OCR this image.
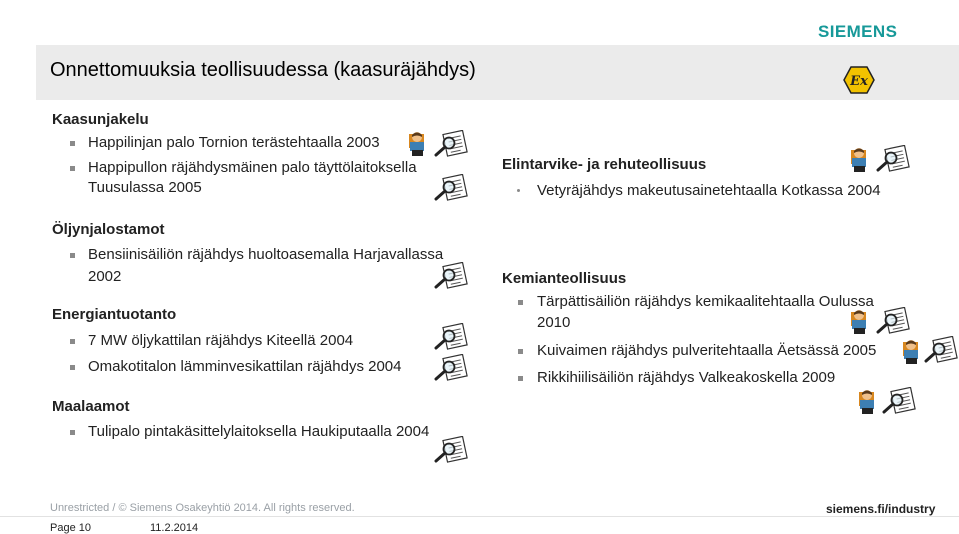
SIEMENS
Onnettomuuksia teollisuudessa (kaasuräjähdys)
Ex
Kaasunjakelu
Happilinjan palo Tornion terästehtaalla 2003
Happipullon räjähdysmäinen palo täyttölaitoksella
Tuusulassa 2005
Öljynjalostamot
Bensiinisäiliön räjähdys huoltoasemalla Harjavallassa
2002
Energiantuotanto
7 MW öljykattilan räjähdys Kiteellä 2004
Omakotitalon lämminvesikattilan räjähdys 2004
Maalaamot
Tulipalo pintakäsittelylaitoksella Haukiputaalla 2004
Elintarvike- ja rehuteollisuus
Vetyräjähdys makeutusainetehtaalla Kotkassa 2004
Kemianteollisuus
Tärpättisäiliön räjähdys kemikaalitehtaalla Oulussa
2010
Kuivaimen räjähdys pulveritehtaalla Äetsässä 2005
Rikkihiilisäiliön räjähdys Valkeakoskella 2009
Unrestricted / © Siemens Osakeyhtiö 2014. All rights reserved.	siemens.fi/industry
Page 10	11.2.2014
